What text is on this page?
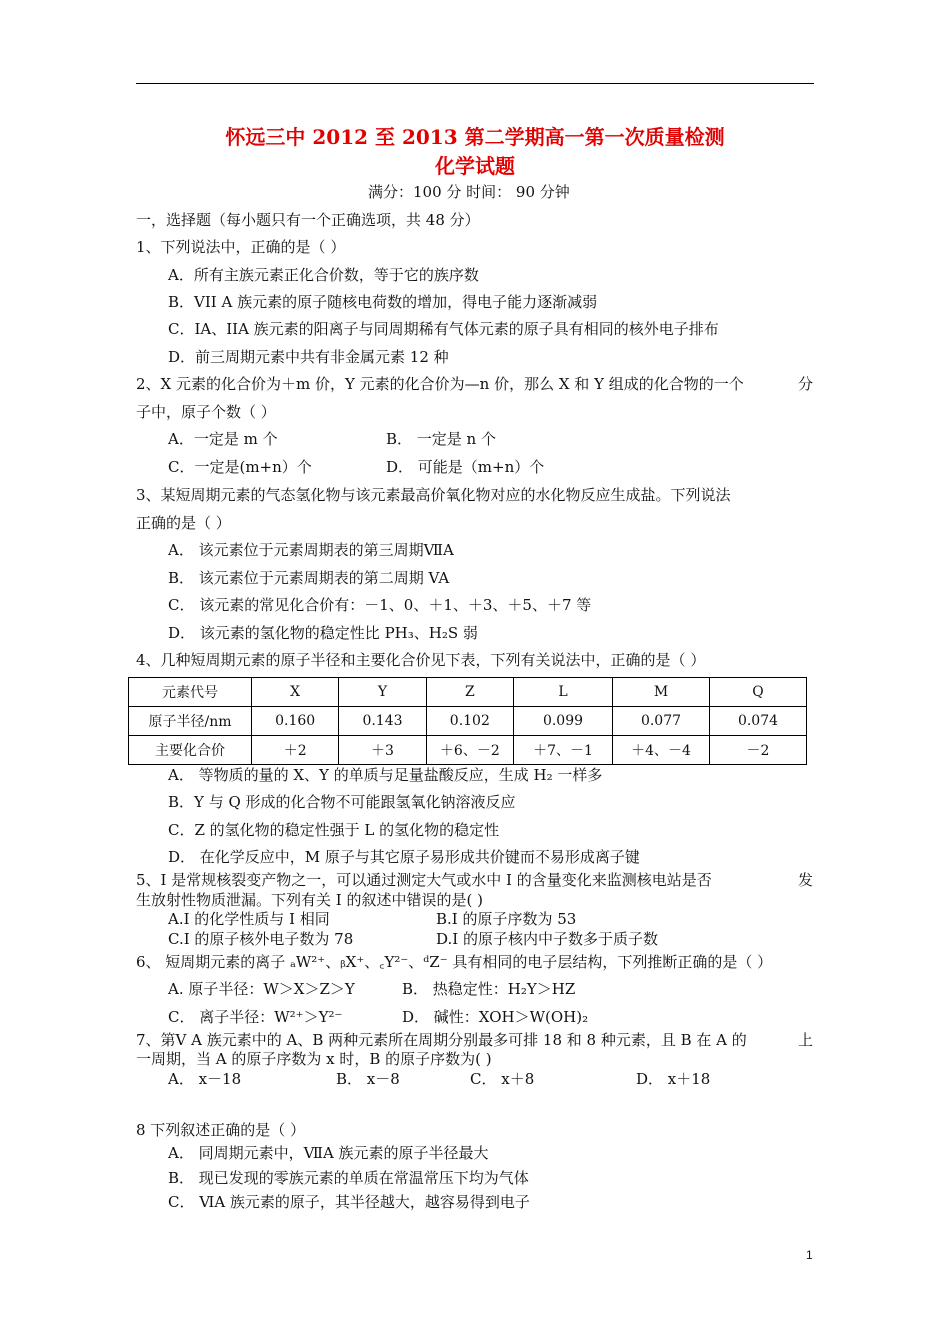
怀远三中 2012 至 2013 第二学期高一第一次质量检测
化学试题
满分：100 分 时间： 90 分钟
一，选择题（每小题只有一个正确选项，共 48 分）
1、下列说法中，正确的是（ ）
A．所有主族元素正化合价数，等于它的族序数
B．VII A 族元素的原子随核电荷数的增加，得电子能力逐渐减弱
C．IA、IIA 族元素的阳离子与同周期稀有气体元素的原子具有相同的核外电子排布
D．前三周期元素中共有非金属元素 12 种
2、X 元素的化合价为＋m 价，Y 元素的化合价为—n 价，那么 X 和 Y 组成的化合物的一个	分
子中，原子个数（ ）
A．一定是 m 个	B． 一定是 n 个
C．一定是(m+n）个	D． 可能是（m+n）个
3、某短周期元素的气态氢化物与该元素最高价氧化物对应的水化物反应生成盐。下列说法
正确的是（ ）
A． 该元素位于元素周期表的第三周期ⅦA
B． 该元素位于元素周期表的第二周期 VA
C． 该元素的常见化合价有：－1、0、＋1、＋3、＋5、＋7 等
D． 该元素的氢化物的稳定性比 PH₃、H₂S 弱
4、几种短周期元素的原子半径和主要化合价见下表，下列有关说法中，正确的是（ ）
元素代号	X	Y	Z	L	M	Q
原子半径/nm	0.160	0.143	0.102	0.099	0.077	0.074
主要化合价	＋2	＋3	＋6、－2	＋7、－1	＋4、－4	－2
A． 等物质的量的 X、Y 的单质与足量盐酸反应，生成 H₂ 一样多
B．Y 与 Q 形成的化合物不可能跟氢氧化钠溶液反应
C．Z 的氢化物的稳定性强于 L 的氢化物的稳定性
D． 在化学反应中，M 原子与其它原子易形成共价键而不易形成离子键
5、I 是常规核裂变产物之一，可以通过测定大气或水中 I 的含量变化来监测核电站是否	发
生放射性物质泄漏。下列有关 I 的叙述中错误的是( )
A.I 的化学性质与 I 相同	B.I 的原子序数为 53
C.I 的原子核外电子数为 78	D.I 的原子核内中子数多于质子数
6、 短周期元素的离子 ₐW²⁺、ᵦX⁺、꜀Y²⁻、ᵈZ⁻ 具有相同的电子层结构，下列推断正确的是（ ）
A. 原子半径：W＞X＞Z＞Y	B． 热稳定性：H₂Y＞HZ
C． 离子半径：W²⁺＞Y²⁻	D． 碱性：XOH＞W(OH)₂
7、第Ⅴ A 族元素中的 A、B 两种元素所在周期分别最多可排 18 和 8 种元素，且 B 在 A 的	上
一周期，当 A 的原子序数为 x 时，B 的原子序数为( )
A． x－18	B． x－8	C． x＋8	D． x＋18
8 下列叙述正确的是（ ）
A． 同周期元素中，ⅦA 族元素的原子半径最大
B． 现已发现的零族元素的单质在常温常压下均为气体
C． ⅥA 族元素的原子，其半径越大，越容易得到电子
1
